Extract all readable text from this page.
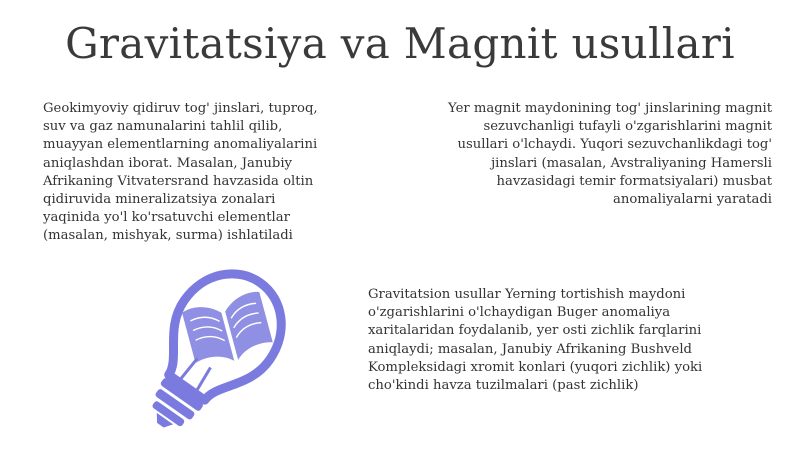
Gravitatsiya va Magnit usullari
Geokimyoviy qidiruv tog' jinslari, tuproq,
suv va gaz namunalarini tahlil qilib,
muayyan elementlarning anomaliyalarini
aniqlashdan iborat. Masalan, Janubiy
Afrikaning Vitvatersrand havzasida oltin
qidiruvida mineralizatsiya zonalari
yaqinida yo'l ko'rsatuvchi elementlar
(masalan, mishyak, surma) ishlatiladi
Yer magnit maydonining tog' jinslarining magnit
sezuvchanligi tufayli o'zgarishlarini magnit
usullari o'lchaydi. Yuqori sezuvchanlikdagi tog'
jinslari (masalan, Avstraliyaning Hamersli
havzasidagi temir formatsiyalari) musbat
anomaliyalarni yaratadi
Gravitatsion usullar Yerning tortishish maydoni
o'zgarishlarini o'lchaydigan Buger anomaliya
xaritalaridan foydalanib, yer osti zichlik farqlarini
aniqlaydi; masalan, Janubiy Afrikaning Bushveld
Kompleksidagi xromit konlari (yuqori zichlik) yoki
cho'kindi havza tuzilmalari (past zichlik)
